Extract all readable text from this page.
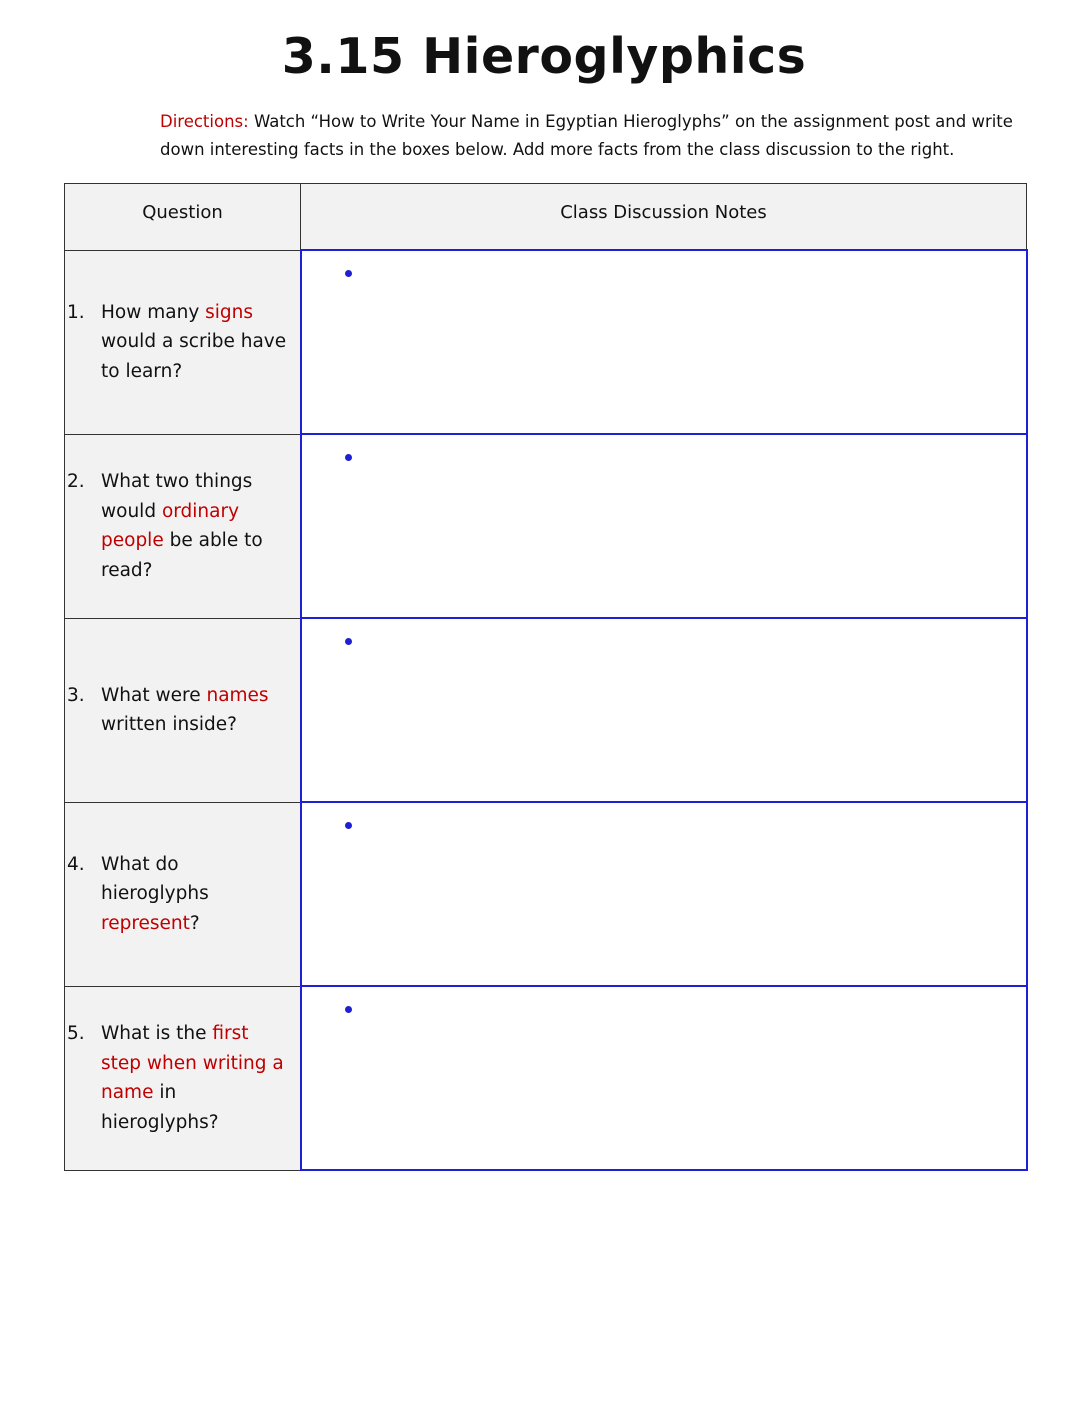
3.15 Hieroglyphics
Directions: Watch “How to Write Your Name in Egyptian Hieroglyphs” on the assignment post and write down interesting facts in the boxes below. Add more facts from the class discussion to the right.
Question	Class Discussion Notes

1. How many signs would a scribe have to learn?	

2. What two things would ordinary people be able to read?	

3. What were names written inside?	

4. What do hieroglyphs represent?	

5. What is the first step when writing a name in hieroglyphs?	
